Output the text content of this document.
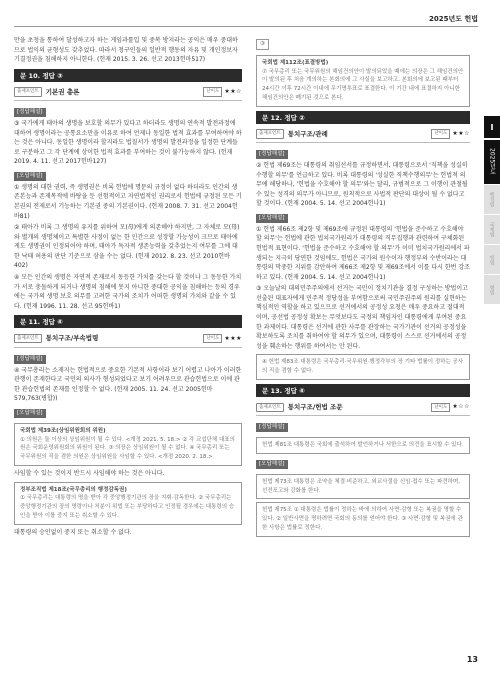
2025년도 헌법
I
2025년도
행정법
국제법
헌법
형법

만을 초청을 통하여 달성하고자 하는 게임과룰입 및 중복 방지라는 공익은 매우 중대하므로 법익의 균형성도 갖추었다. 따라서 청구인들의 일반적 행동의 자유 및 개인정보자기결정권을 침해하지 아니한다. (헌재 2015. 3. 26. 선고 2013헌마517)

문 10. 정답 ③
출제포인트	기본권 총론	난이도 ★★☆
[정답해설]

③ 국가에게 태아의 생명을 보호할 의무가 있다고 하더라도 생명의 연속적 발전과정에 대하여 생명이라는 공통요소만을 이유로 하여 언제나 동일한 법적 효과를 부여하여야 하는 것은 아니다. 동일한 생명이라 할지라도 법질서가 생명의 발전과정을 일정한 단계들로 구분하고 그 각 단계에 상이한 법적 효과를 부여하는 것이 불가능하지 않다. (헌재 2019. 4. 11. 선고 2017헌바127)

[오답해설]

① 생명의 대한 권력, 즉 생명권은 비록 헌법에 명문의 규정이 없다 하더라도 인간의 생존본능과 존재목적에 바탕을 둔 선험적이고 자연법적인 권리로서 헌법에 규정된 모든 기본권의 전제로서 기능하는 기본권 중의 기본권이다. (헌재 2008. 7. 31. 선고 2004헌바81)

② 태아가 비록 그 생명의 유지를 위하여 모(母)에게 의존해야 하지만, 그 자체로 모(母)와 별개의 생명체이고 특별한 사정이 없는 한 인간으로 성장할 가능성이 크므로 태아에게도 생명권이 인정되어야 하며, 태아가 독자적 생존능력을 갖추었는지 여부를 그에 대한 낙태 허용의 판단 기준으로 삼을 수는 없다. (헌재 2012. 8. 23. 선고 2010헌바402)

④ 모든 인간의 생명은 자연적 존재로서 동등한 가치를 갖는다 할 것이나 그 동등한 가치가 서로 충돌하게 되거나 생명의 침해에 못지 아니한 중대한 공익을 침해하는 등의 경우에는 국가의 생명 보호 의무를 고려한 국가의 조치가 어떠한 생명의 가치와 같을 수 있다. (헌재 1996. 11. 28. 선고 95헌바1)

문 11. 정답 ④
출제포인트	통치구조/부속법령	난이도 ★★★
[정답해설]

④ 국무총리는 소재지는 헌법적으로 중요한 기본적 사항이라 보기 어렵고 나아가 이러한 관행이 존재한다고 국민의 의사가 형성되었다고 보기 어려우므로 관습헌법으로 이에 관한 관습헌법의 존재를 인정할 수 없다. (헌재 2005. 11. 24. 선고 2005헌마579,763(병합))

[오답해설]
국회법 제39조(상임위원회의 위원)
① 의원은 둘 이상의 상임위원이 될 수 있다. <개정 2021. 5. 18.> ② 각 교섭단체 대표의원은 국회운영위원회의 위원이 된다. ③ 의장은 상임위원이 될 수 없다. ④ 국무총리 또는 국무위원의 직을 겸한 의원은 상임위원을 사임할 수 있다. <개정 2020. 2. 18.>

사임할 수 있는 것이지 반드시 사임해야 하는 것은 아니다.

정부조직법 제18조(국무총리의 행정감독권)
① 국무총리는 대통령의 명을 받아 각 중앙행정기관의 장을 지휘·감독한다. ② 국무총리는 중앙행정기관의 장의 명령이나 처분이 위법 또는 부당하다고 인정될 경우에는 대통령의 승인을 받아 이를 중지 또는 취소할 수 있다.

대통령의 승인없이 중지 또는 취소할 수 없다.

③
국회법 제112조(표결방법)
⑦ 국무총리 또는 국무위원의 해임건의안이 발의되었을 때에는 의장은 그 해임건의안이 발의된 후 처음 개의하는 본회의에 그 사실을 보고하고, 본회의에 보고된 때부터 24시간 이후 72시간 이내에 무기명투표로 표결한다. 이 기간 내에 표결하지 아니한 해임건의안은 폐기된 것으로 본다.
문 12. 정답 ②
출제포인트	통치구조/관례	난이도 ★★☆
[정답해설]

② 헌법 제69조는 대통령의 취임선서를 규정하면서, 대통령으로서 '직책을 성실히 수행할 의무'를 언급하고 있다. 비록 대통령의 '성실한 직책수행의무'는 헌법적 의무에 해당하나, '헌법을 수호해야 할 의무'와는 달리, 규범적으로 그 이행이 관철될 수 있는 성격의 의무가 아니므로, 원칙적으로 사법적 판단의 대상이 될 수 없다고 할 것이다. (헌재 2004. 5. 14. 선고 2004헌나1)

[오답해설]

① 헌법 제66조 제2항 및 제69조에 규정된 대통령의 '헌법을 준수하고 수호해야 할 의무'는 헌법에 관한 법치국가원리가 대통령의 직무집행과 관련하여 구체화된 헌법적 표현이다. '헌법을 준수하고 수호해야 할 의무'가 이미 법치국가원리에서 파생되는 지극히 당연한 것임에도, 헌법은 국가의 원수이자 행정부의 수반이라는 대통령의 막중한 지위를 감안하여 제66조 제2항 및 제69조에서 이를 다시 한번 강조하고 있다. (헌재 2004. 5. 14. 선고 2004헌나1)

③ 오늘날의 대의민주주의에서 선거는 국민이 정치기관을 결정 구성하는 방법이고 선출된 대표자에게 민주적 정당성을 부여함으로써 국민주권주의 원리를 실현하는 핵심적인 역할을 하고 있으므로 선거에서의 공정성 요청은 매우 중요하고 절대적이며, 공선법 공정성 확보는 무엇보다도 국정의 책임자인 대통령에게 부여된 중요한 과제이다. 대통령은 선거에 관한 사무를 관장하는 국가기관이 선거의 공정성을 확보하도록 조치를 취하여야 할 의무가 있으며, 대통령이 스스로 선거에서의 공정성을 훼손하는 행위를 하여서는 안 된다.

④ 헌법 제83조 대통령은 국무총리·국무위원·행정각부의 장 기타 법률이 정하는 공사의 직을 겸할 수 없다.
문 13. 정답 ④
출제포인트	통치구조/헌법 조문	난이도 ★☆☆
[정답해설]
헌법 제81조 대통령은 국회에 출석하여 발언하거나 서한으로 의견을 표시할 수 있다.
[오답해설]
헌법 제73조 대통령은 조약을 체결·비준하고, 외교사절을 신임·접수 또는 파견하며, 선전포고와 강화를 한다.
헌법 제75조 ① 대통령은 법률이 정하는 바에 의하여 사면·감형 또는 복권을 명할 수 있다. ② 일반사면을 명하려면 국회의 동의를 얻어야 한다. ③ 사면·감형 및 복권에 관한 사항은 법률로 정한다.
13
